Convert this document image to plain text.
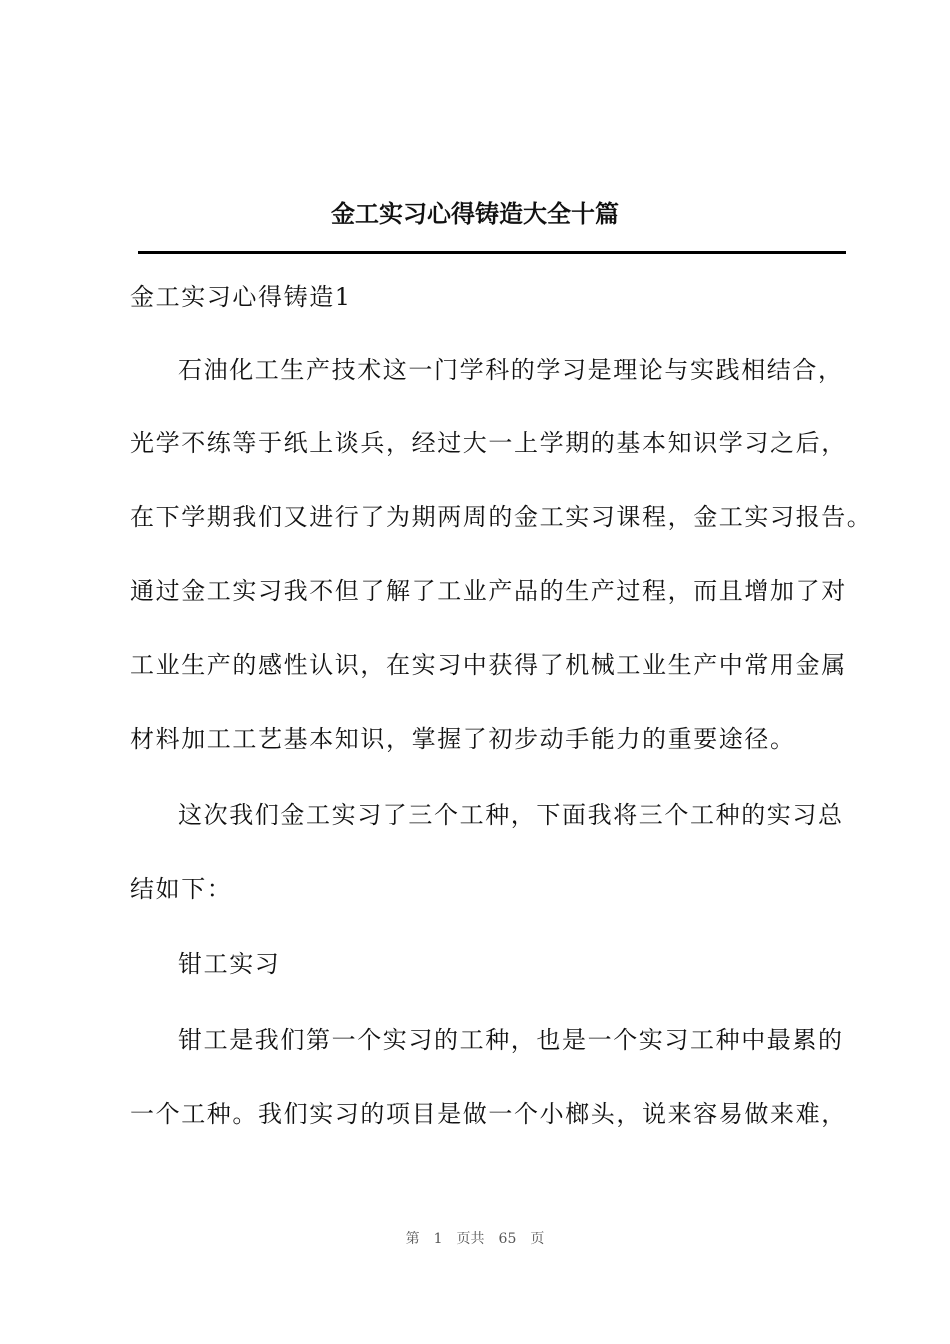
金工实习心得铸造大全十篇
金工实习心得铸造1
石油化工生产技术这一门学科的学习是理论与实践相结合，
光学不练等于纸上谈兵，经过大一上学期的基本知识学习之后，
在下学期我们又进行了为期两周的金工实习课程，金工实习报告。
通过金工实习我不但了解了工业产品的生产过程，而且增加了对
工业生产的感性认识，在实习中获得了机械工业生产中常用金属
材料加工工艺基本知识，掌握了初步动手能力的重要途径。
这次我们金工实习了三个工种，下面我将三个工种的实习总
结如下：
钳工实习
钳工是我们第一个实习的工种，也是一个实习工种中最累的
一个工种。我们实习的项目是做一个小榔头，说来容易做来难，
第 1 页共 65 页
